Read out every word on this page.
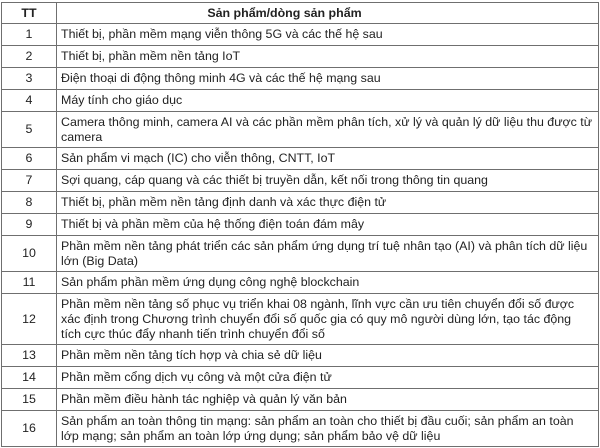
TT	Sản phẩm/dòng sản phẩm
1	Thiết bị, phần mềm mạng viễn thông 5G và các thế hệ sau
2	Thiết bị, phần mềm nền tảng IoT
3	Điện thoại di động thông minh 4G và các thế hệ mạng sau
4	Máy tính cho giáo dục
5	Camera thông minh, camera AI và các phần mềm phân tích, xử lý và quản lý dữ liệu thu được từ camera
6	Sản phẩm vi mạch (IC) cho viễn thông, CNTT, IoT
7	Sợi quang, cáp quang và các thiết bị truyền dẫn, kết nối trong thông tin quang
8	Thiết bị, phần mềm nền tảng định danh và xác thực điện tử
9	Thiết bị và phần mềm của hệ thống điện toán đám mây
10	Phần mềm nền tảng phát triển các sản phẩm ứng dụng trí tuệ nhân tạo (AI) và phân tích dữ liệu lớn (Big Data)
11	Sản phẩm phần mềm ứng dụng công nghệ blockchain
12	Phần mềm nền tảng số phục vụ triển khai 08 ngành, lĩnh vực cần ưu tiên chuyển đổi số được xác định trong Chương trình chuyển đổi số quốc gia có quy mô người dùng lớn, tạo tác động tích cực thúc đẩy nhanh tiến trình chuyển đổi số
13	Phần mềm nền tảng tích hợp và chia sẻ dữ liệu
14	Phần mềm cổng dịch vụ công và một cửa điện tử
15	Phần mềm điều hành tác nghiệp và quản lý văn bản
16	Sản phẩm an toàn thông tin mạng: sản phẩm an toàn cho thiết bị đầu cuối; sản phẩm an toàn lớp mạng; sản phẩm an toàn lớp ứng dụng; sản phẩm bảo vệ dữ liệu
